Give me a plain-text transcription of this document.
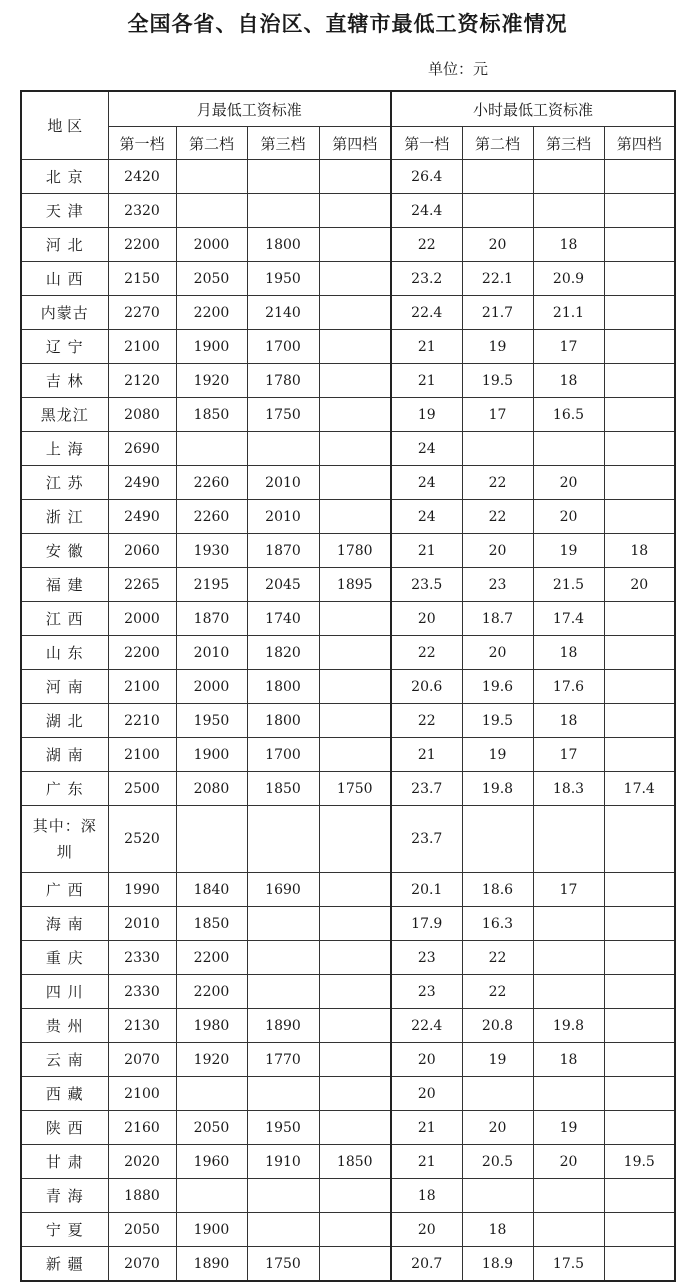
全国各省、自治区、直辖市最低工资标准情况
单位：元
地 区	月最低工资标准				小时最低工资标准			
	第一档	第二档	第三档	第四档	第一档	第二档	第三档	第四档
北 京	2420				26.4			
天 津	2320				24.4			
河 北	2200	2000	1800		22	20	18	
山 西	2150	2050	1950		23.2	22.1	20.9	
内蒙古	2270	2200	2140		22.4	21.7	21.1	
辽 宁	2100	1900	1700		21	19	17	
吉 林	2120	1920	1780		21	19.5	18	
黑龙江	2080	1850	1750		19	17	16.5	
上 海	2690				24			
江 苏	2490	2260	2010		24	22	20	
浙 江	2490	2260	2010		24	22	20	
安 徽	2060	1930	1870	1780	21	20	19	18
福 建	2265	2195	2045	1895	23.5	23	21.5	20
江 西	2000	1870	1740		20	18.7	17.4	
山 东	2200	2010	1820		22	20	18	
河 南	2100	2000	1800		20.6	19.6	17.6	
湖 北	2210	1950	1800		22	19.5	18	
湖 南	2100	1900	1700		21	19	17	
广 东	2500	2080	1850	1750	23.7	19.8	18.3	17.4
其中：深圳	2520				23.7			
广 西	1990	1840	1690		20.1	18.6	17	
海 南	2010	1850			17.9	16.3		
重 庆	2330	2200			23	22		
四 川	2330	2200			23	22		
贵 州	2130	1980	1890		22.4	20.8	19.8	
云 南	2070	1920	1770		20	19	18	
西 藏	2100				20			
陕 西	2160	2050	1950		21	20	19	
甘 肃	2020	1960	1910	1850	21	20.5	20	19.5
青 海	1880				18			
宁 夏	2050	1900			20	18		
新 疆	2070	1890	1750		20.7	18.9	17.5	
